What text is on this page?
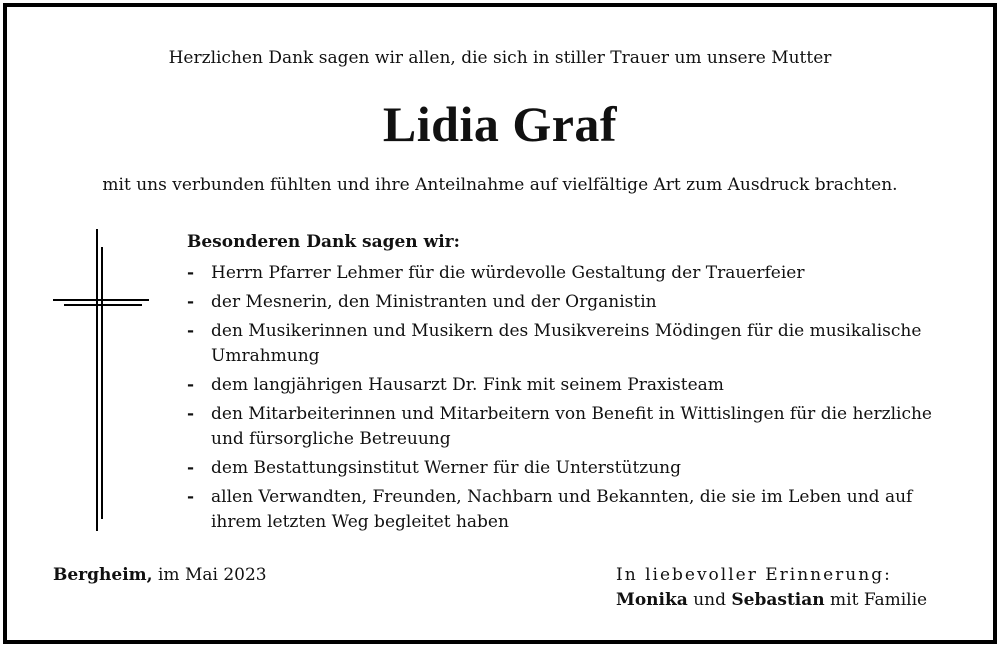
Herzlichen Dank sagen wir allen, die sich in stiller Trauer um unsere Mutter
Lidia Graf
mit uns verbunden fühlten und ihre Anteilnahme auf vielfältige Art zum Ausdruck brachten.
Besonderen Dank sagen wir:
- Herrn Pfarrer Lehmer für die würdevolle Gestaltung der Trauerfeier
- der Mesnerin, den Ministranten und der Organistin
- den Musikerinnen und Musikern des Musikvereins Mödingen für die musikalische Umrahmung
- dem langjährigen Hausarzt Dr. Fink mit seinem Praxisteam
- den Mitarbeiterinnen und Mitarbeitern von Benefit in Wittislingen für die herzliche und fürsorgliche Betreuung
- dem Bestattungsinstitut Werner für die Unterstützung
- allen Verwandten, Freunden, Nachbarn und Bekannten, die sie im Leben und auf ihrem letzten Weg begleitet haben
Bergheim, im Mai 2023	In liebevoller Erinnerung:
Monika und Sebastian mit Familie
